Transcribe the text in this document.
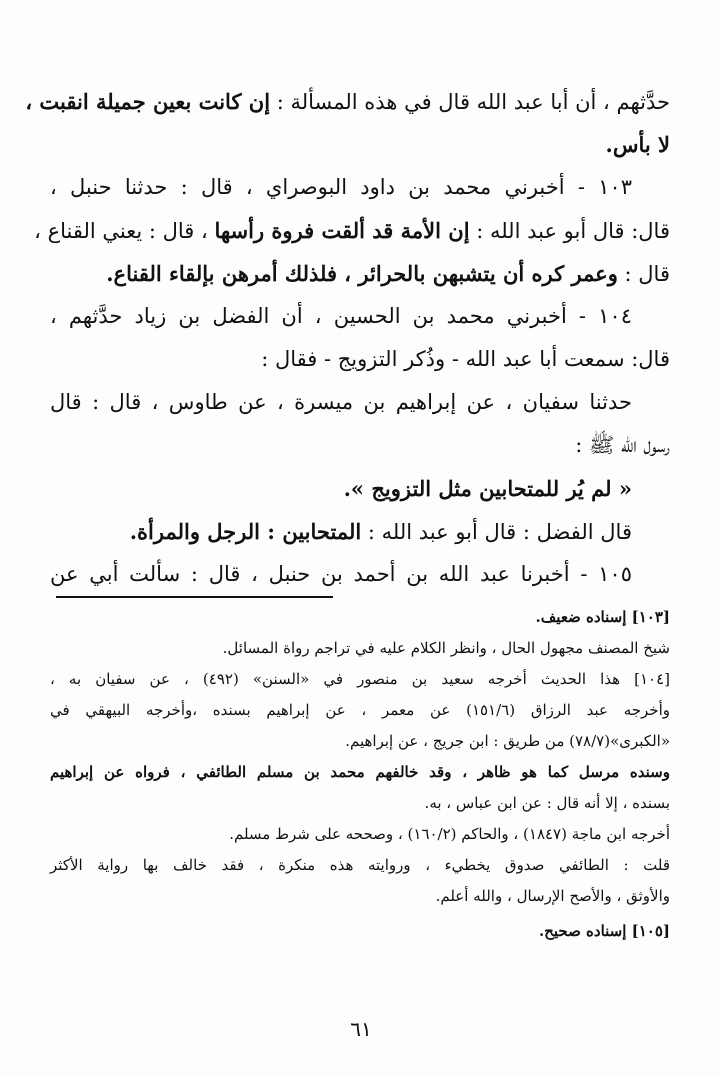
حدَّثهم ، أن أبا عبد الله قال في هذه المسألة : إن كانت بعين جميلة انقبت ،
لا بأس.
١٠٣ - أخبرني محمد بن داود البوصراي ، قال : حدثنا حنبل ،
قال: قال أبو عبد الله : إن الأمة قد ألقت فروة رأسها ، قال : يعني القناع ،
قال : وعمر كره أن يتشبهن بالحرائر ، فلذلك أمرهن بإلقاء القناع.
١٠٤ - أخبرني محمد بن الحسين ، أن الفضل بن زياد حدَّثهم ،
قال: سمعت أبا عبد الله - وذُكر التزويج - فقال :
حدثنا سفيان ، عن إبراهيم بن ميسرة ، عن طاوس ، قال : قال
رسول الله ﷺ :
« لم يُر للمتحابين مثل التزويج ».
قال الفضل : قال أبو عبد الله : المتحابين : الرجل والمرأة.
١٠٥ - أخبرنا عبد الله بن أحمد بن حنبل ، قال : سألت أبي عن
[١٠٣] إسناده ضعيف.
شيخ المصنف مجهول الحال ، وانظر الكلام عليه في تراجم رواة المسائل.
[١٠٤] هذا الحديث أخرجه سعيد بن منصور في «السنن» (٤٩٢) ، عن سفيان به ،
وأخرجه عبد الرزاق (١٥١/٦) عن معمر ، عن إبراهيم بسنده ،وأخرجه البيهقي في
«الكبرى»(٧٨/٧) من طريق : ابن جريج ، عن إبراهيم.
وسنده مرسل كما هو ظاهر ، وقد خالفهم محمد بن مسلم الطائفي ، فرواه عن إبراهيم
بسنده ، إلا أنه قال : عن ابن عباس ، به.
أخرجه ابن ماجة (١٨٤٧) ، والحاكم (١٦٠/٢) ، وصححه على شرط مسلم.
قلت : الطائفي صدوق يخطيء ، وروايته هذه منكرة ، فقد خالف بها رواية الأكثر
والأوثق ، والأصح الإرسال ، والله أعلم.
[١٠٥] إسناده صحيح.
٦١
